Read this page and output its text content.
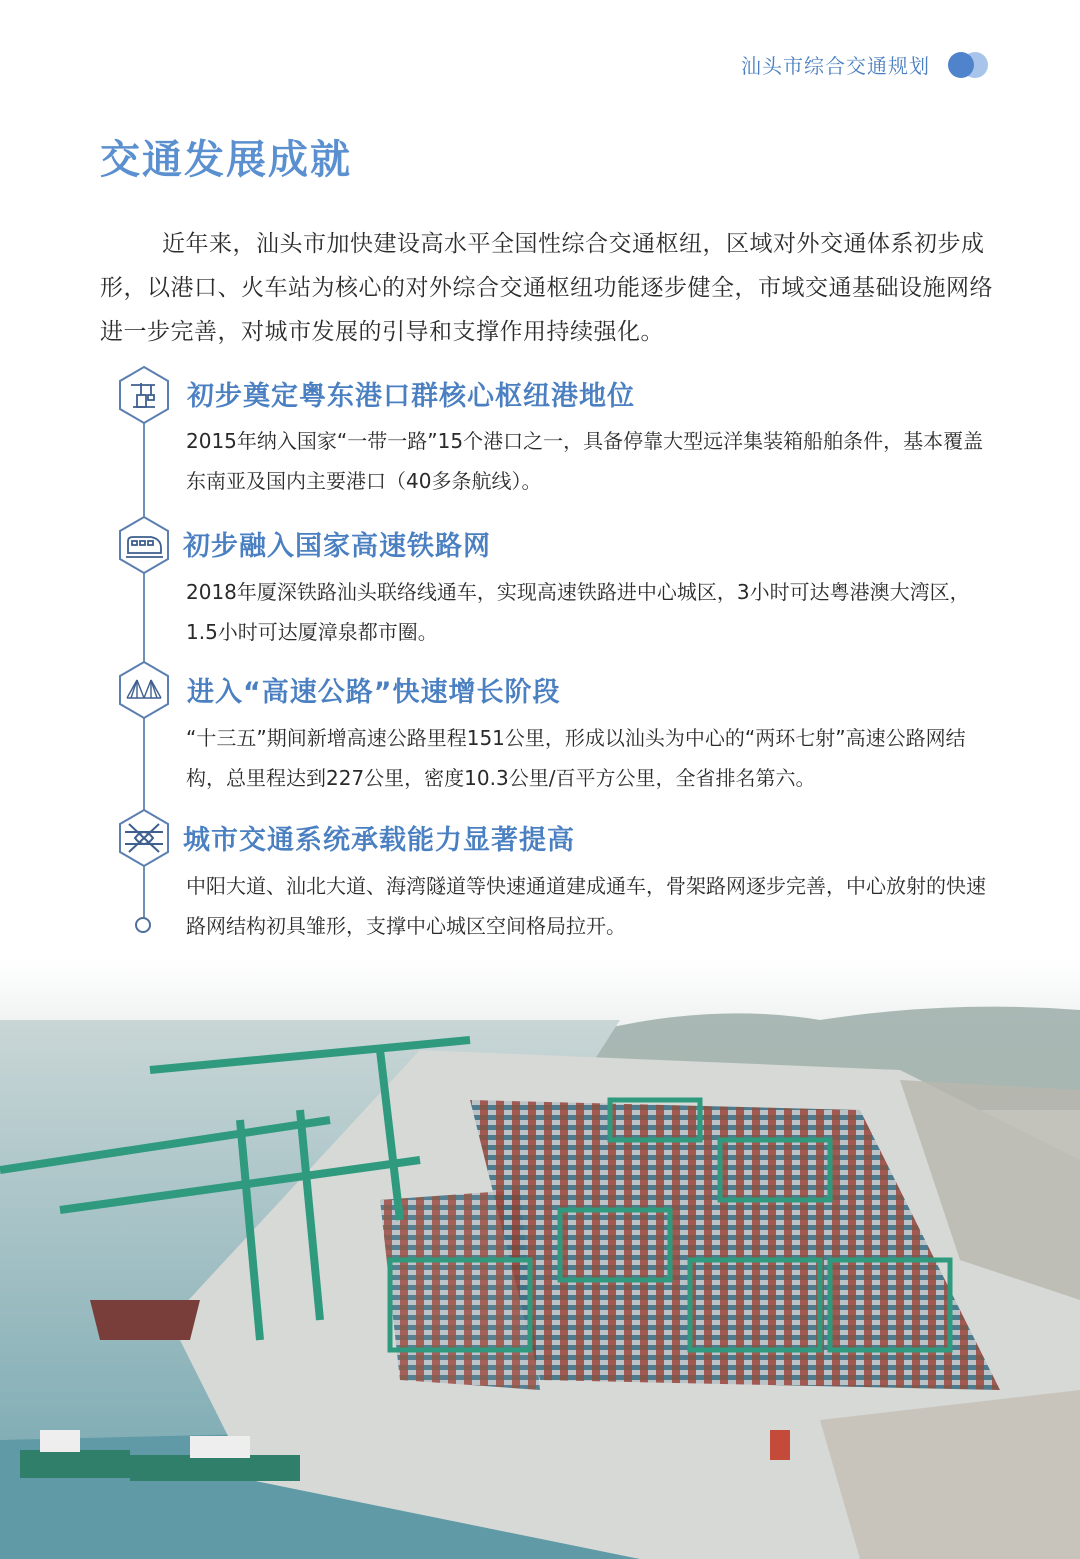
汕头市综合交通规划
交通发展成就

近年来，汕头市加快建设高水平全国性综合交通枢纽，区域对外交通体系初步成形，以港口、火车站为核心的对外综合交通枢纽功能逐步健全，市域交通基础设施网络进一步完善，对城市发展的引导和支撑作用持续强化。

初步奠定粤东港口群核心枢纽港地位

2015年纳入国家“一带一路”15个港口之一，具备停靠大型远洋集装箱船舶条件，基本覆盖东南亚及国内主要港口（40多条航线）。

初步融入国家高速铁路网

2018年厦深铁路汕头联络线通车，实现高速铁路进中心城区，3小时可达粤港澳大湾区，1.5小时可达厦漳泉都市圈。

进入“高速公路”快速增长阶段

“十三五”期间新增高速公路里程151公里，形成以汕头为中心的“两环七射”高速公路网结构，总里程达到227公里，密度10.3公里/百平方公里，全省排名第六。

城市交通系统承载能力显著提高

中阳大道、汕北大道、海湾隧道等快速通道建成通车，骨架路网逐步完善，中心放射的快速路网结构初具雏形，支撑中心城区空间格局拉开。
